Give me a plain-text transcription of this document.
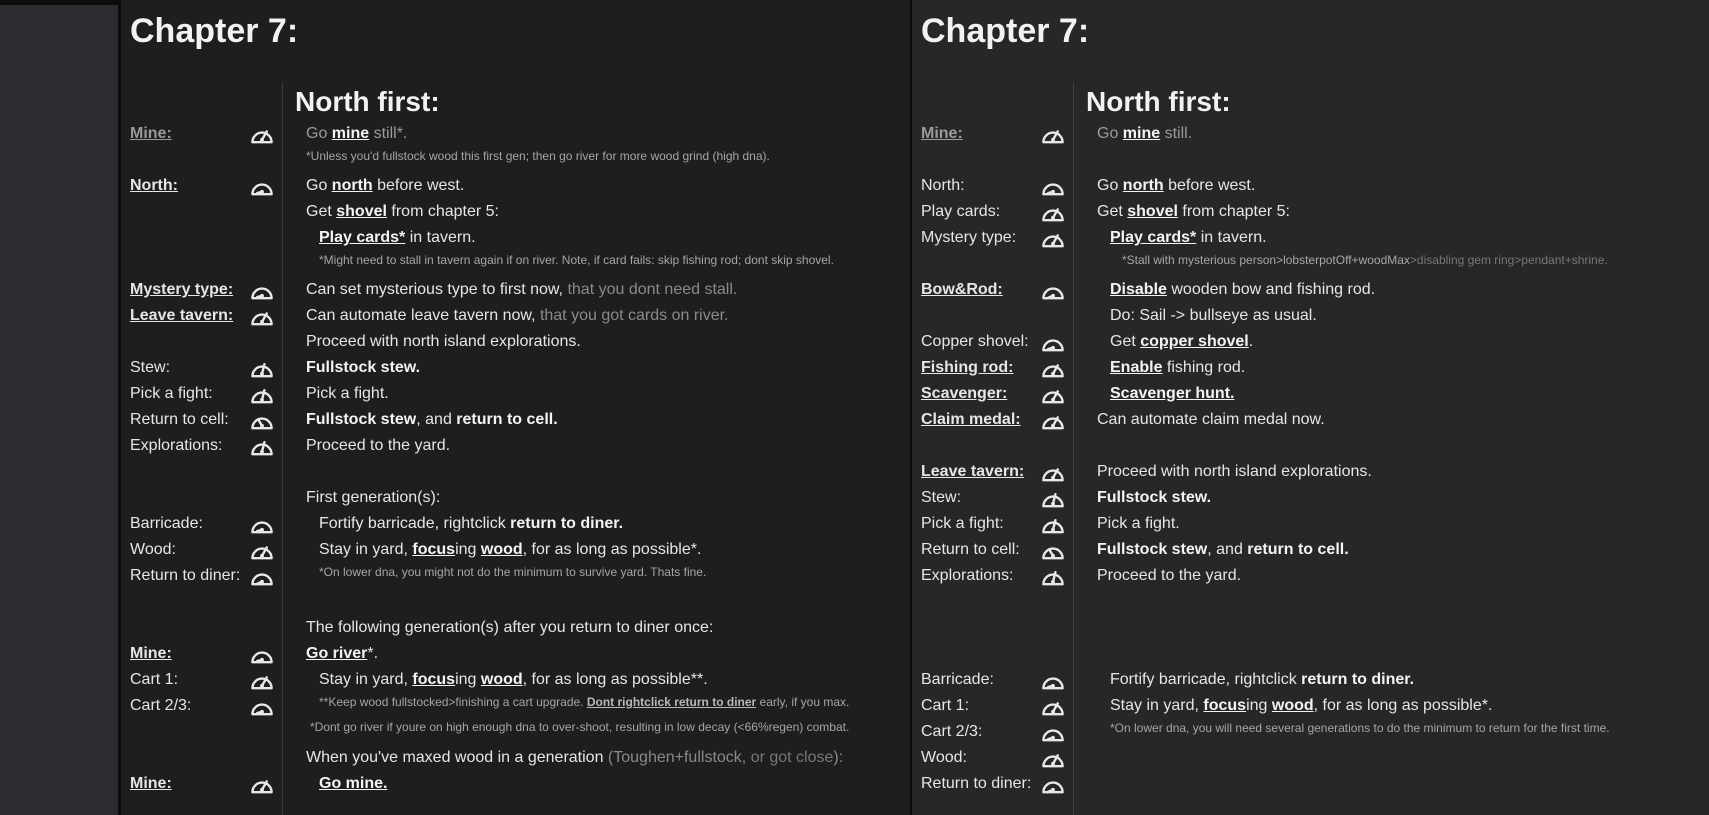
Chapter 7:
North first:
Mine:
North:
Mystery type:
Leave tavern:
Stew:
Pick a fight:
Return to cell:
Explorations:
Barricade:
Wood:
Return to diner:
Mine:
Cart 1:
Cart 2/3:
Mine:
Go mine still*.
*Unless you'd fullstock wood this first gen; then go river for more wood grind (high dna).
Go north before west.
Get shovel from chapter 5:
Play cards* in tavern.
*Might need to stall in tavern again if on river. Note, if card fails: skip fishing rod; dont skip shovel.
Can set mysterious type to first now, that you dont need stall.
Can automate leave tavern now, that you got cards on river.
Proceed with north island explorations.
Fullstock stew.
Pick a fight.
Fullstock stew, and return to cell.
Proceed to the yard.
First generation(s):
Fortify barricade, rightclick return to diner.
Stay in yard, focusing wood, for as long as possible*.
*On lower dna, you might not do the minimum to survive yard. Thats fine.
The following generation(s) after you return to diner once:
Go river*.
Stay in yard, focusing wood, for as long as possible**.
**Keep wood fullstocked>finishing a cart upgrade. Dont rightclick return to diner early, if you max.
*Dont go river if youre on high enough dna to over-shoot, resulting in low decay (<66%regen) combat.
When you've maxed wood in a generation (Toughen+fullstock, or got close):
Go mine.
Chapter 7:
North first:
Mine:
North:
Play cards:
Mystery type:
Bow&Rod:
Copper shovel:
Fishing rod:
Scavenger:
Claim medal:
Leave tavern:
Stew:
Pick a fight:
Return to cell:
Explorations:
Barricade:
Cart 1:
Cart 2/3:
Wood:
Return to diner:
Go mine still.
Go north before west.
Get shovel from chapter 5:
Play cards* in tavern.
*Stall with mysterious person>lobsterpotOff+woodMax>disabling gem ring>pendant+shrine.
Disable wooden bow and fishing rod.
Do: Sail -> bullseye as usual.
Get copper shovel.
Enable fishing rod.
Scavenger hunt.
Can automate claim medal now.
Proceed with north island explorations.
Fullstock stew.
Pick a fight.
Fullstock stew, and return to cell.
Proceed to the yard.
Fortify barricade, rightclick return to diner.
Stay in yard, focusing wood, for as long as possible*.
*On lower dna, you will need several generations to do the minimum to return for the first time.
